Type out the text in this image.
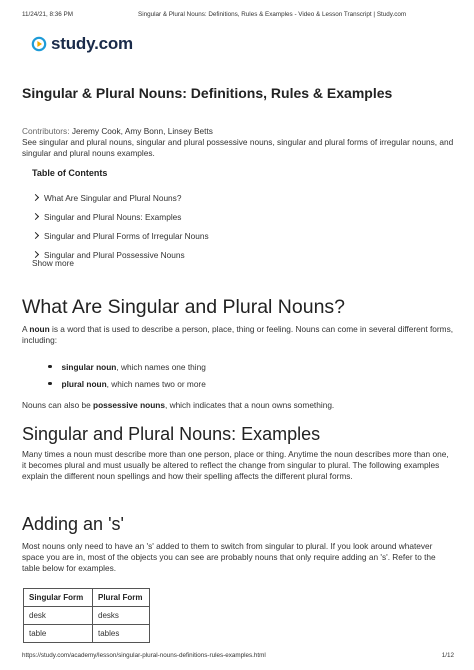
11/24/21, 8:36 PM	Singular & Plural Nouns: Definitions, Rules & Examples - Video & Lesson Transcript | Study.com
study.com
Singular & Plural Nouns: Definitions, Rules & Examples

Contributors: Jeremy Cook, Amy Bonn, Linsey Betts

See singular and plural nouns, singular and plural possessive nouns, singular and plural forms of irregular nouns, and singular and plural nouns examples.

Table of Contents
What Are Singular and Plural Nouns?
Singular and Plural Nouns: Examples
Singular and Plural Forms of Irregular Nouns
Singular and Plural Possessive Nouns
Show more
What Are Singular and Plural Nouns?

A noun is a word that is used to describe a person, place, thing or feeling. Nouns can come in several different forms, including:

singular noun , which names one thing
plural noun , which names two or more

Nouns can also be possessive nouns, which indicates that a noun owns something.

Singular and Plural Nouns: Examples

Many times a noun must describe more than one person, place or thing. Anytime the noun describes more than one, it becomes plural and must usually be altered to reflect the change from singular to plural. The following examples explain the different noun spellings and how their spelling affects the different plural forms.

Adding an 's'

Most nouns only need to have an 's' added to them to switch from singular to plural. If you look around whatever space you are in, most of the objects you can see are probably nouns that only require adding an 's'. Refer to the table below for examples.

Singular Form	Plural Form
desk	desks
table	tables
https://study.com/academy/lesson/singular-plural-nouns-definitions-rules-examples.html	1/12
